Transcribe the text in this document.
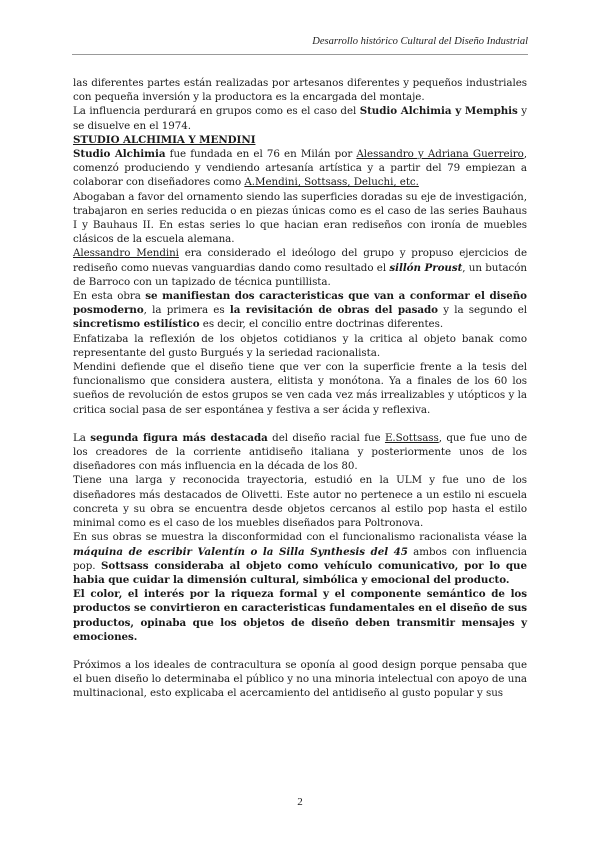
Desarrollo histórico Cultural del Diseño Industrial

las diferentes partes están realizadas por artesanos diferentes y pequeños industriales con pequeña inversión y la productora es la encargada del montaje.

La influencia perdurará en grupos como es el caso del Studio Alchimia y Memphis y se disuelve en el 1974.

STUDIO ALCHIMIA Y MENDINI

Studio Alchimia fue fundada en el 76 en Milán por Alessandro y Adriana Guerreiro, comenzó produciendo y vendiendo artesanía artística y a partir del 79 empiezan a colaborar con diseñadores como A.Mendini, Sottsass, Deluchi, etc.

Abogaban a favor del ornamento siendo las superficies doradas su eje de investigación, trabajaron en series reducida o en piezas únicas como es el caso de las series Bauhaus I y Bauhaus II. En estas series lo que hacian eran rediseños con ironía de muebles clásicos de la escuela alemana.

Alessandro Mendini era considerado el ideólogo del grupo y propuso ejercicios de rediseño como nuevas vanguardias dando como resultado el sillón Proust, un butacón de Barroco con un tapizado de técnica puntillista.

En esta obra se manifiestan dos caracteristicas que van a conformar el diseño posmoderno, la primera es la revisitación de obras del pasado y la segundo el sincretismo estilístico es decir, el concilio entre doctrinas diferentes.

Enfatizaba la reflexión de los objetos cotidianos y la critica al objeto banak como representante del gusto Burgués y la seriedad racionalista.

Mendini defiende que el diseño tiene que ver con la superficie frente a la tesis del funcionalismo que considera austera, elitista y monótona. Ya a finales de los 60 los sueños de revolución de estos grupos se ven cada vez más irrealizables y utópticos y la critica social pasa de ser espontánea y festiva a ser ácida y reflexiva.

La segunda figura más destacada del diseño racial fue E.Sottsass, que fue uno de los creadores de la corriente antidiseño italiana y posteriormente unos de los diseñadores con más influencia en la década de los 80.

Tiene una larga y reconocida trayectoria, estudió en la ULM y fue uno de los diseñadores más destacados de Olivetti. Este autor no pertenece a un estilo ni escuela concreta y su obra se encuentra desde objetos cercanos al estilo pop hasta el estilo minimal como es el caso de los muebles diseñados para Poltronova.

En sus obras se muestra la disconformidad con el funcionalismo racionalista véase la máquina de escribir Valentín o la Silla Synthesis del 45 ambos con influencia pop. Sottsass consideraba al objeto como vehículo comunicativo, por lo que habia que cuidar la dimensión cultural, simbólica y emocional del producto.

El color, el interés por la riqueza formal y el componente semántico de los productos se convirtieron en caracteristicas fundamentales en el diseño de sus productos, opinaba que los objetos de diseño deben transmitir mensajes y emociones.

Próximos a los ideales de contracultura se oponía al good design porque pensaba que el buen diseño lo determinaba el público y no una minoria intelectual con apoyo de una multinacional, esto explicaba el acercamiento del antidiseño al gusto popular y sus

2
